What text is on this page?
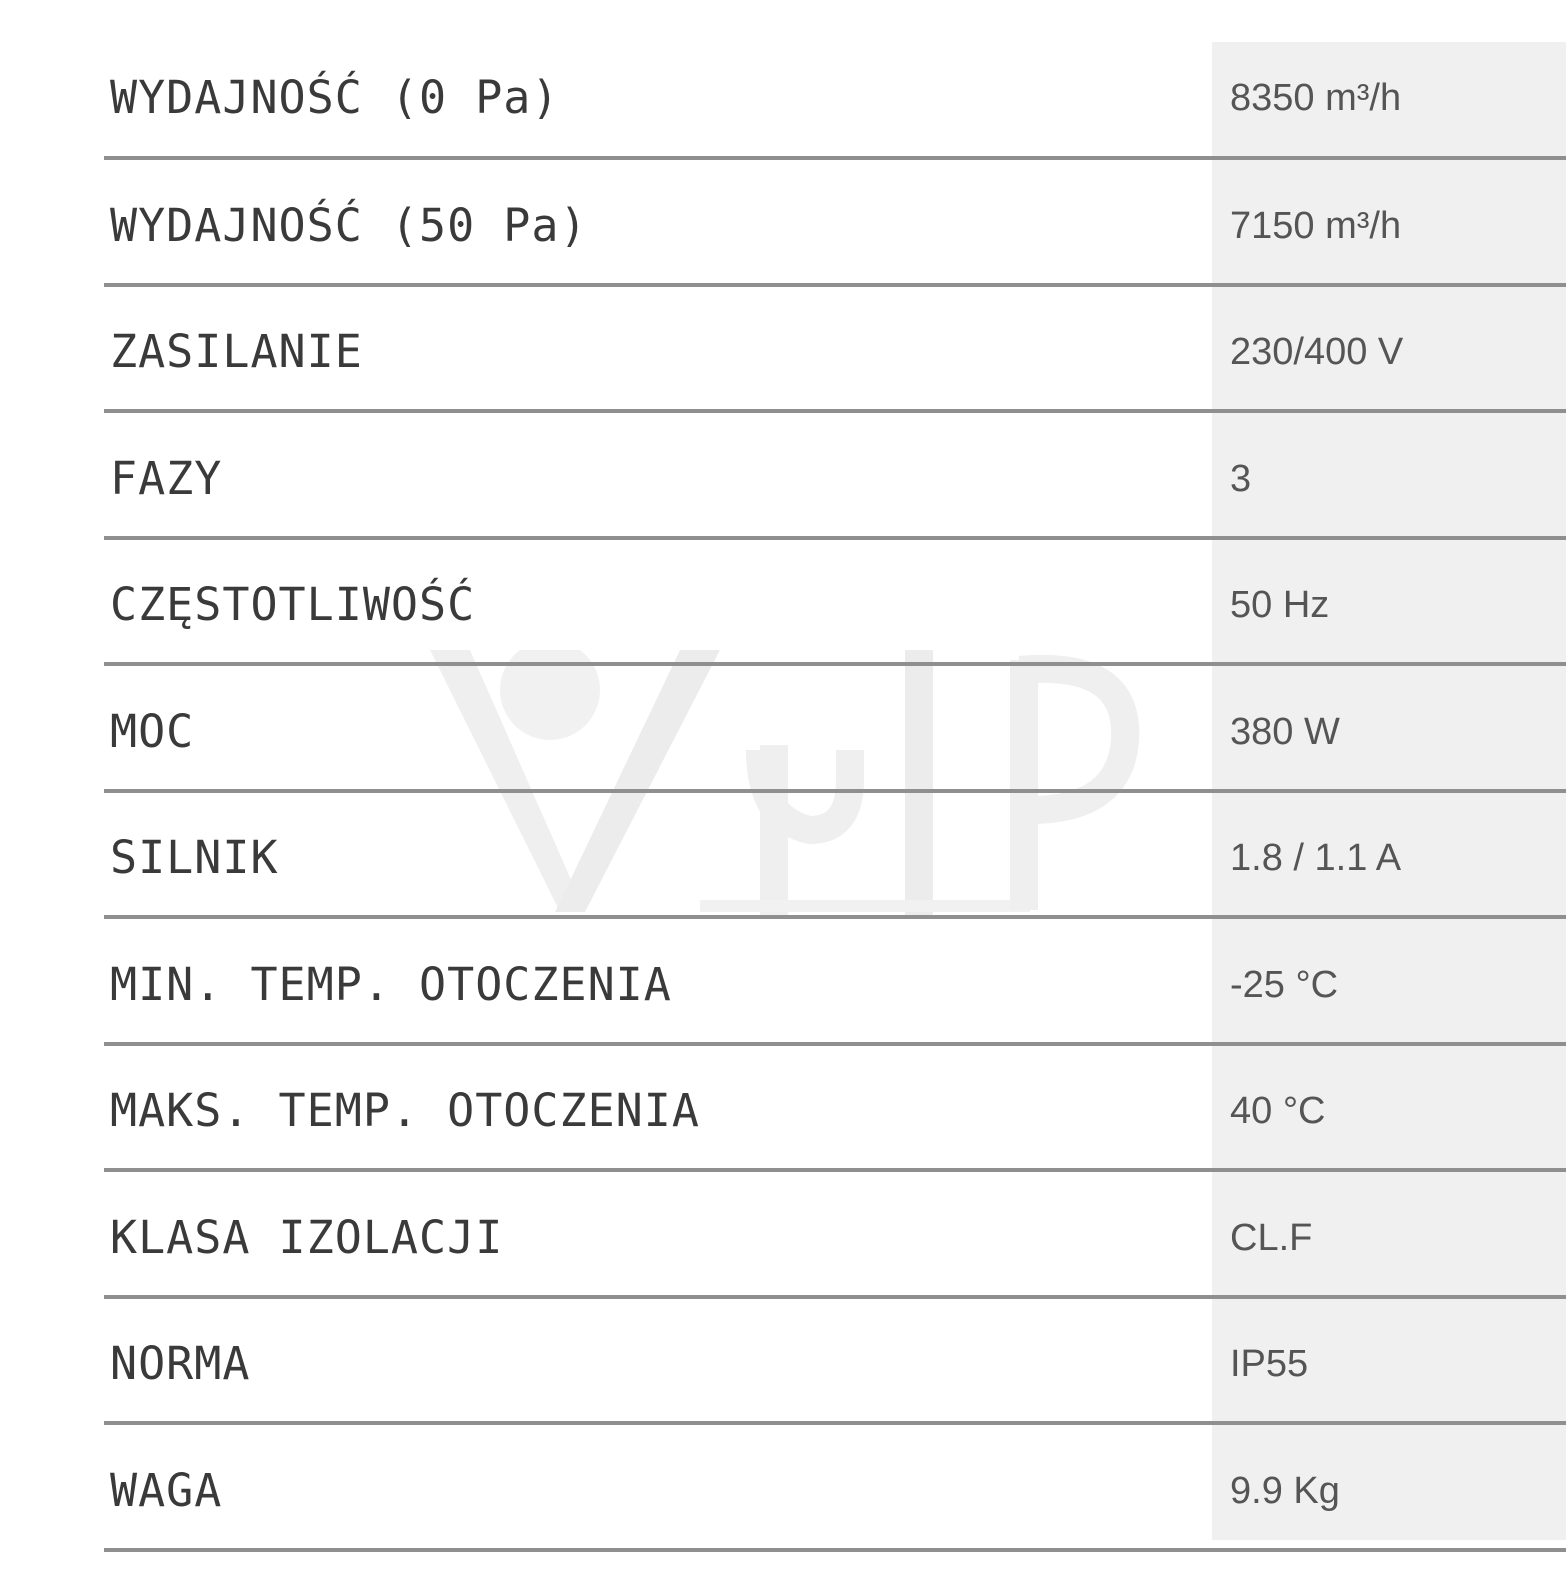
WYDAJNOŚĆ (0 Pa)	8350 m³/h
WYDAJNOŚĆ (50 Pa)	7150 m³/h
ZASILANIE	230/400 V
FAZY	3
CZĘSTOTLIWOŚĆ	50 Hz
MOC	380 W
SILNIK	1.8 / 1.1 A
MIN. TEMP. OTOCZENIA	-25 °C
MAKS. TEMP. OTOCZENIA	40 °C
KLASA IZOLACJI	CL.F
NORMA	IP55
WAGA	9.9 Kg
